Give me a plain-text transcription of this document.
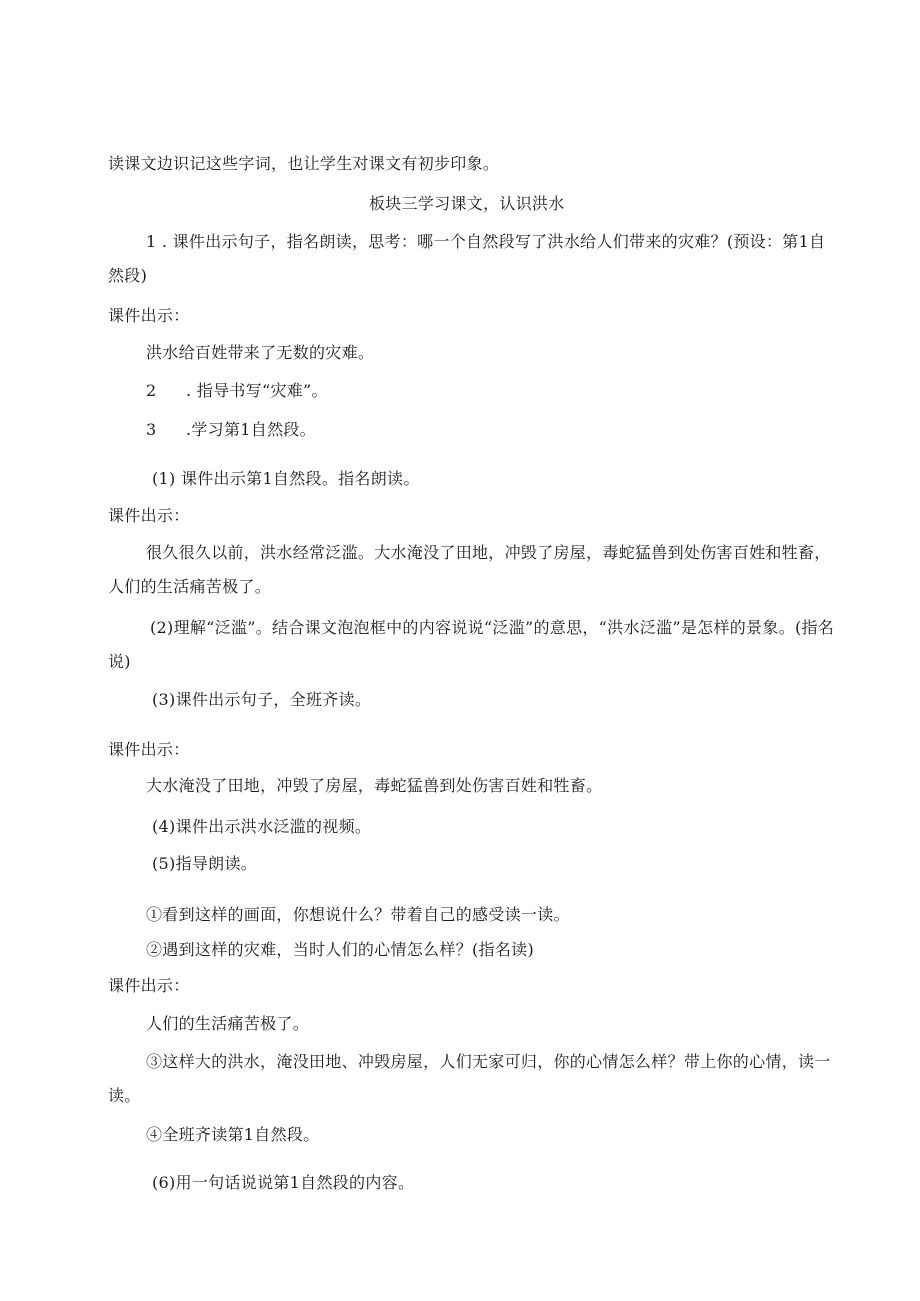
读课文边识记这些字词，也让学生对课文有初步印象。
板块三学习课文，认识洪水
1 . 课件出示句子，指名朗读，思考：哪一个自然段写了洪水给人们带来的灾难？(预设：第1自然段)
课件出示：
洪水给百姓带来了无数的灾难。
2 . 指导书写“灾难”。
3 .学习第1自然段。
(1) 课件出示第1自然段。指名朗读。
课件出示：
很久很久以前，洪水经常泛滥。大水淹没了田地，冲毁了房屋，毒蛇猛兽到处伤害百姓和牲畜，人们的生活痛苦极了。
(2)理解“泛滥”。结合课文泡泡框中的内容说说“泛滥”的意思，“洪水泛滥”是怎样的景象。(指名说)
(3)课件出示句子，全班齐读。
课件出示：
大水淹没了田地，冲毁了房屋，毒蛇猛兽到处伤害百姓和牲畜。
(4)课件出示洪水泛滥的视频。
(5)指导朗读。
①看到这样的画面，你想说什么？带着自己的感受读一读。
②遇到这样的灾难，当时人们的心情怎么样？(指名读)
课件出示：
人们的生活痛苦极了。
③这样大的洪水，淹没田地、冲毁房屋，人们无家可归，你的心情怎么样？带上你的心情，读一读。
④全班齐读第1自然段。
(6)用一句话说说第1自然段的内容。
